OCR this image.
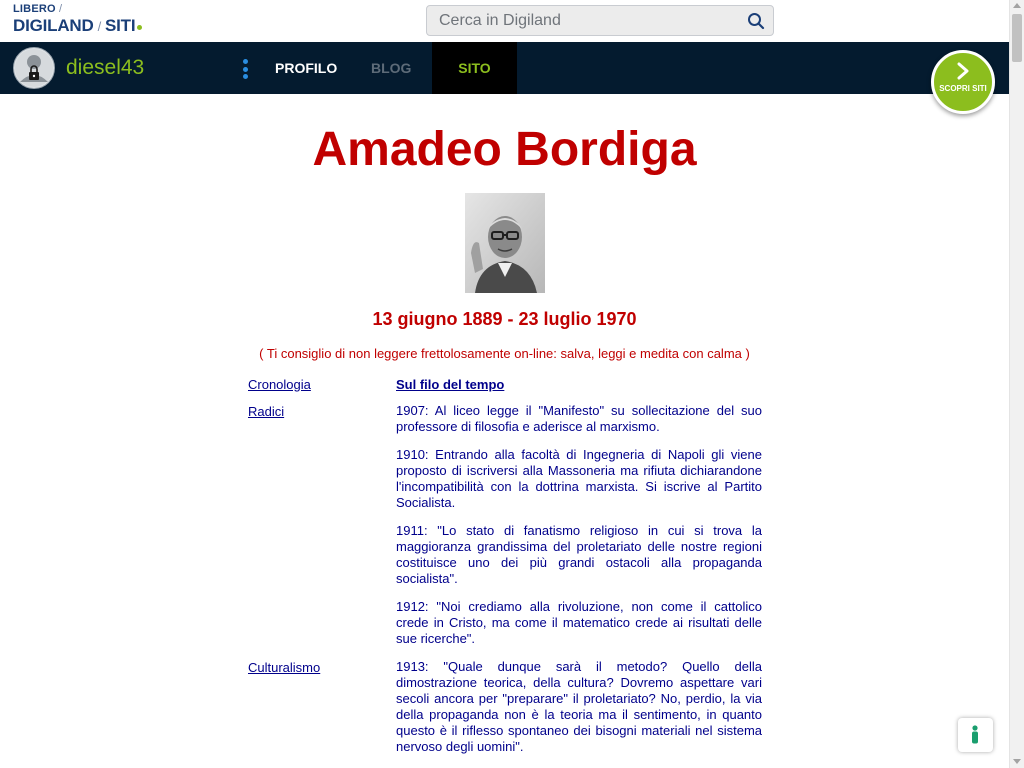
LIBERO /
DIGILAND / SITI
Cerca in Digiland
diesel43	PROFILO BLOG	SITO
SCOPRI SITI
Amadeo Bordiga
13 giugno 1889 - 23 luglio 1970
( Ti consiglio di non leggere frettolosamente on-line: salva, leggi e medita con calma )
Cronologia
Radici
Culturalismo
Sul filo del tempo
1907: Al liceo legge il "Manifesto" su sollecitazione del suo professore di filosofia e aderisce al marxismo.
1910: Entrando alla facoltà di Ingegneria di Napoli gli viene proposto di iscriversi alla Massoneria ma rifiuta dichiarandone l'incompatibilità con la dottrina marxista. Si iscrive al Partito Socialista.
1911: "Lo stato di fanatismo religioso in cui si trova la maggioranza grandissima del proletariato delle nostre regioni costituisce uno dei più grandi ostacoli alla propaganda socialista".
1912: "Noi crediamo alla rivoluzione, non come il cattolico crede in Cristo, ma come il matematico crede ai risultati delle sue ricerche".
1913: "Quale dunque sarà il metodo? Quello della dimostrazione teorica, della cultura? Dovremo aspettare vari secoli ancora per "preparare" il proletariato? No, perdio, la via della propaganda non è la teoria ma il sentimento, in quanto questo è il riflesso spontaneo dei bisogni materiali nel sistema nervoso degli uomini".
